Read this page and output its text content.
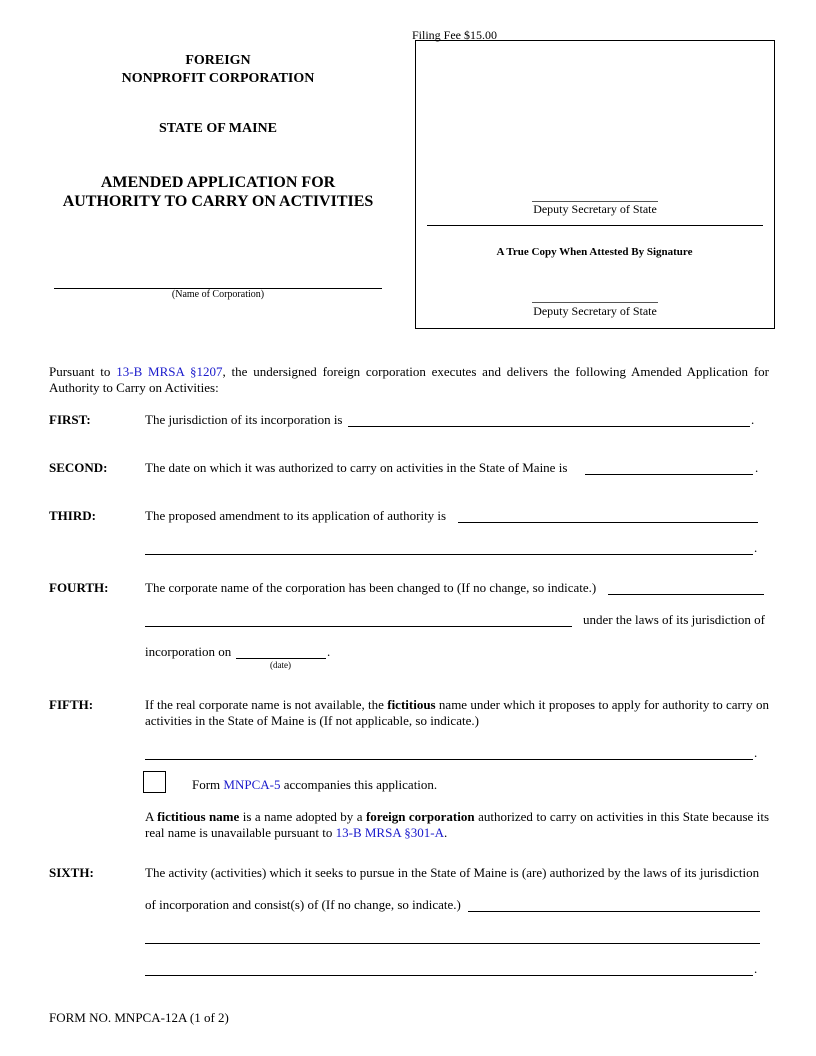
FOREIGN
NONPROFIT CORPORATION
STATE OF MAINE
AMENDED APPLICATION FOR
AUTHORITY TO CARRY ON ACTIVITIES
(Name of Corporation)
Filing Fee $15.00
Deputy Secretary of State
A True Copy When Attested By Signature
Deputy Secretary of State
Pursuant to 13-B MRSA §1207, the undersigned foreign corporation executes and delivers the following Amended Application for Authority to Carry on Activities:
FIRST:	The jurisdiction of its incorporation is	.
SECOND:	The date on which it was authorized to carry on activities in the State of Maine is	.
THIRD:	The proposed amendment to its application of authority is
.
FOURTH:	The corporate name of the corporation has been changed to (If no change, so indicate.)
under the laws of its jurisdiction of
incorporation on	.
(date)
FIFTH:	If the real corporate name is not available, the fictitious name under which it proposes to apply for authority to carry on activities in the State of Maine is (If not applicable, so indicate.)
.
Form MNPCA-5 accompanies this application.
A fictitious name is a name adopted by a foreign corporation authorized to carry on activities in this State because its real name is unavailable pursuant to 13-B MRSA §301-A.
SIXTH:	The activity (activities) which it seeks to pursue in the State of Maine is (are) authorized by the laws of its jurisdiction
of incorporation and consist(s) of (If no change, so indicate.)
.
FORM NO. MNPCA-12A (1 of 2)
